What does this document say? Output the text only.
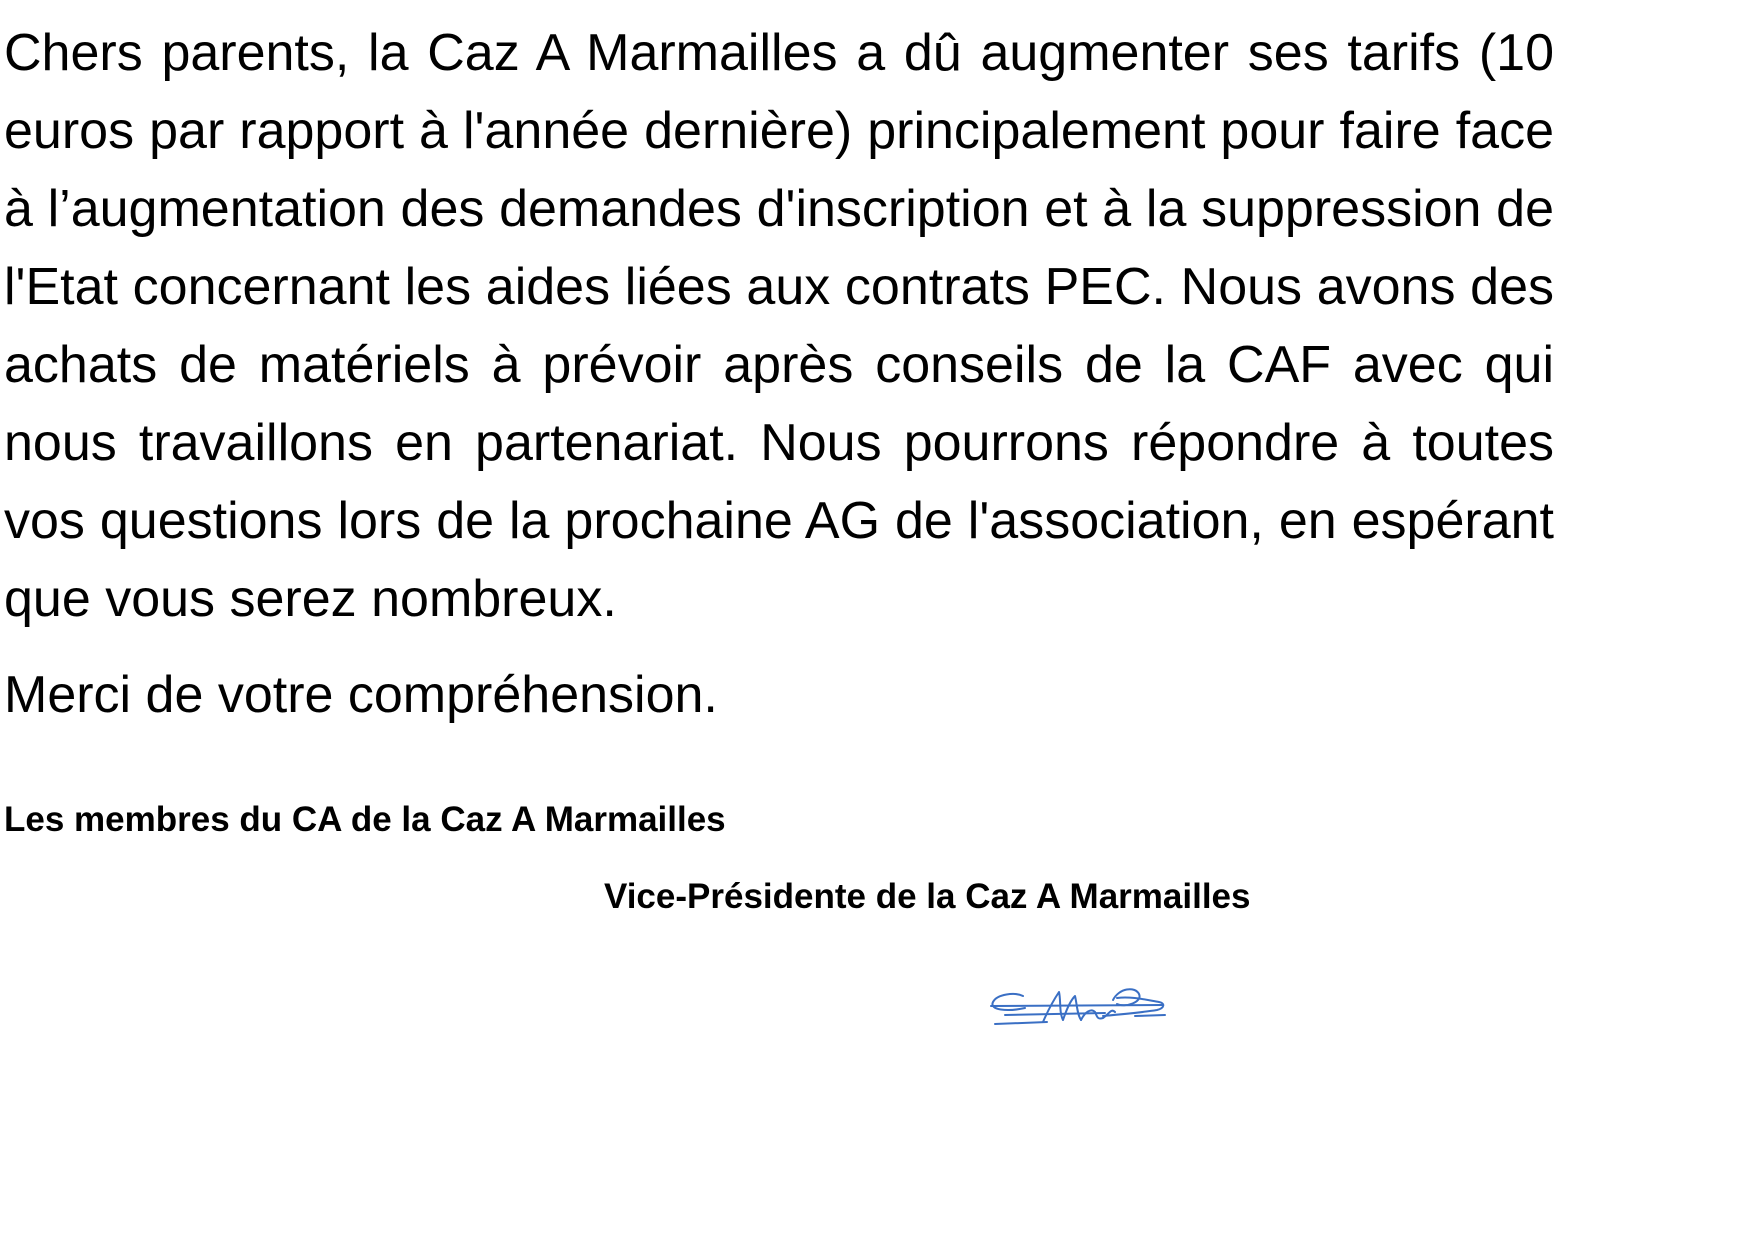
Chers parents, la Caz A Marmailles a dû augmenter ses tarifs (10 euros par rapport à l'année dernière) principalement pour faire face à l’augmentation des demandes d'inscription et à la suppression de l'Etat concernant les aides liées aux contrats PEC. Nous avons des achats de matériels à prévoir après conseils de la CAF avec qui nous travaillons en partenariat. Nous pourrons répondre à toutes vos questions lors de la prochaine AG de l'association, en espérant que vous serez nombreux.

Merci de votre compréhension.

Les membres du CA de la Caz A Marmailles

Vice-Présidente de la Caz A Marmailles
